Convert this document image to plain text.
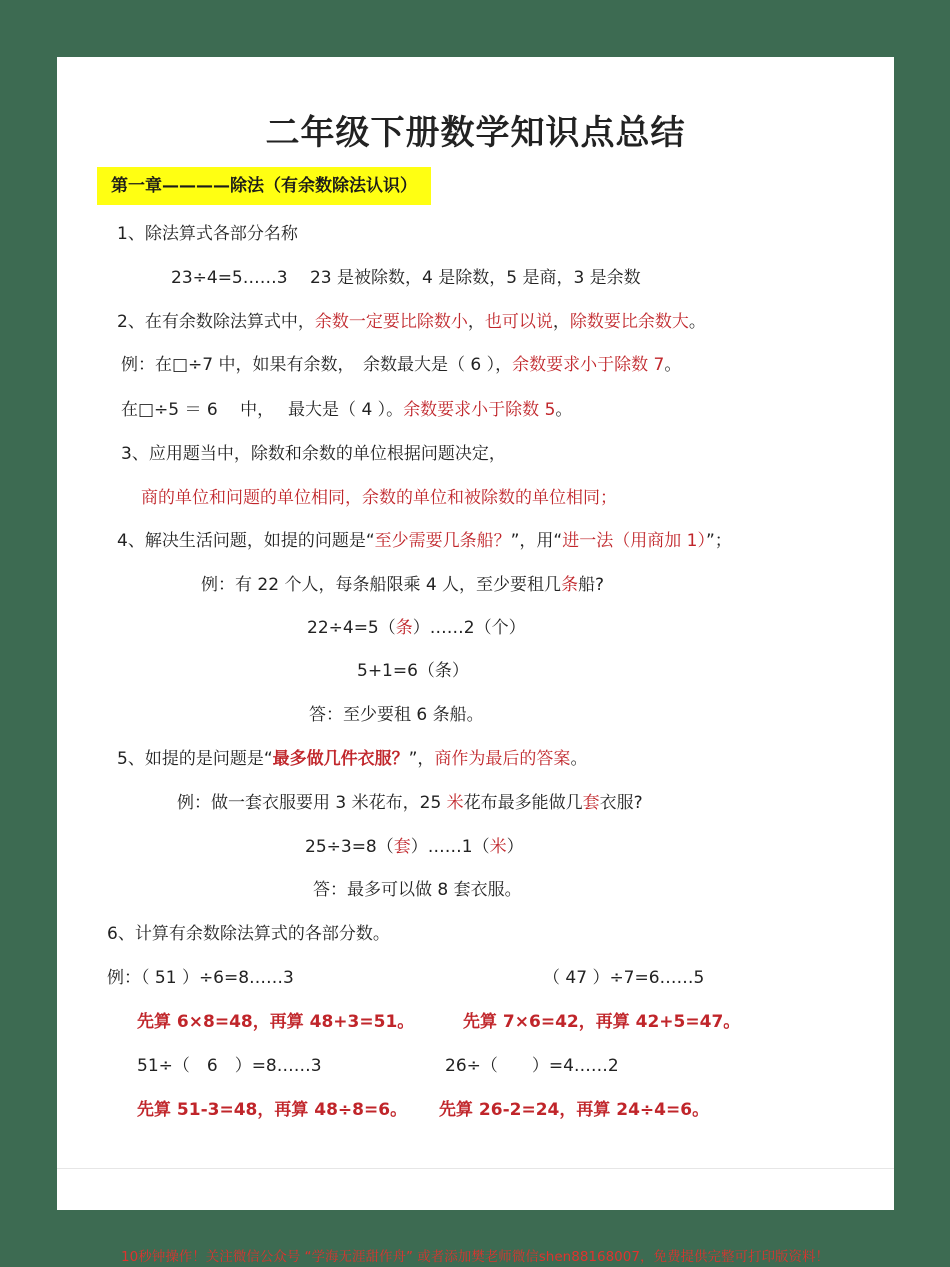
二年级下册数学知识点总结
第一章————除法（有余数除法认识）
1、除法算式各部分名称
23÷4=5……3　 23 是被除数，4 是除数，5 是商，3 是余数
2、在有余数除法算式中，余数一定要比除数小，也可以说，除数要比余数大。
例：在□÷7 中，如果有余数，　余数最大是（ 6 ），余数要求小于除数 7。
在□÷5 ＝ 6　 中，　 最大是（ 4 ）。余数要求小于除数 5。
3、应用题当中，除数和余数的单位根据问题决定，
商的单位和问题的单位相同，余数的单位和被除数的单位相同；
4、解决生活问题，如提的问题是“至少需要几条船？”，用“进一法（用商加 1）”；
例：有 22 个人，每条船限乘 4 人，至少要租几条船?
22÷4=5（条）……2（个）
5+1=6（条）
答：至少要租 6 条船。
5、如提的是问题是“最多做几件衣服？”，商作为最后的答案。
例：做一套衣服要用 3 米花布，25 米花布最多能做几套衣服?
25÷3=8（套）……1（米）
答：最多可以做 8 套衣服。
6、计算有余数除法算式的各部分数。
例：（ 51 ）÷6=8……3	（ 47 ）÷7=6……5
先算 6×8=48，再算 48+3=51。	先算 7×6=42，再算 42+5=47。
51÷（　6　）=8……3	26÷（　　）=4……2
先算 51-3=48，再算 48÷8=6。 先算 26-2=24，再算 24÷4=6。
10秒钟操作！关注微信公众号 “学海无涯甜作舟” 或者添加樊老师微信shen88168007，免费提供完整可打印版资料！
